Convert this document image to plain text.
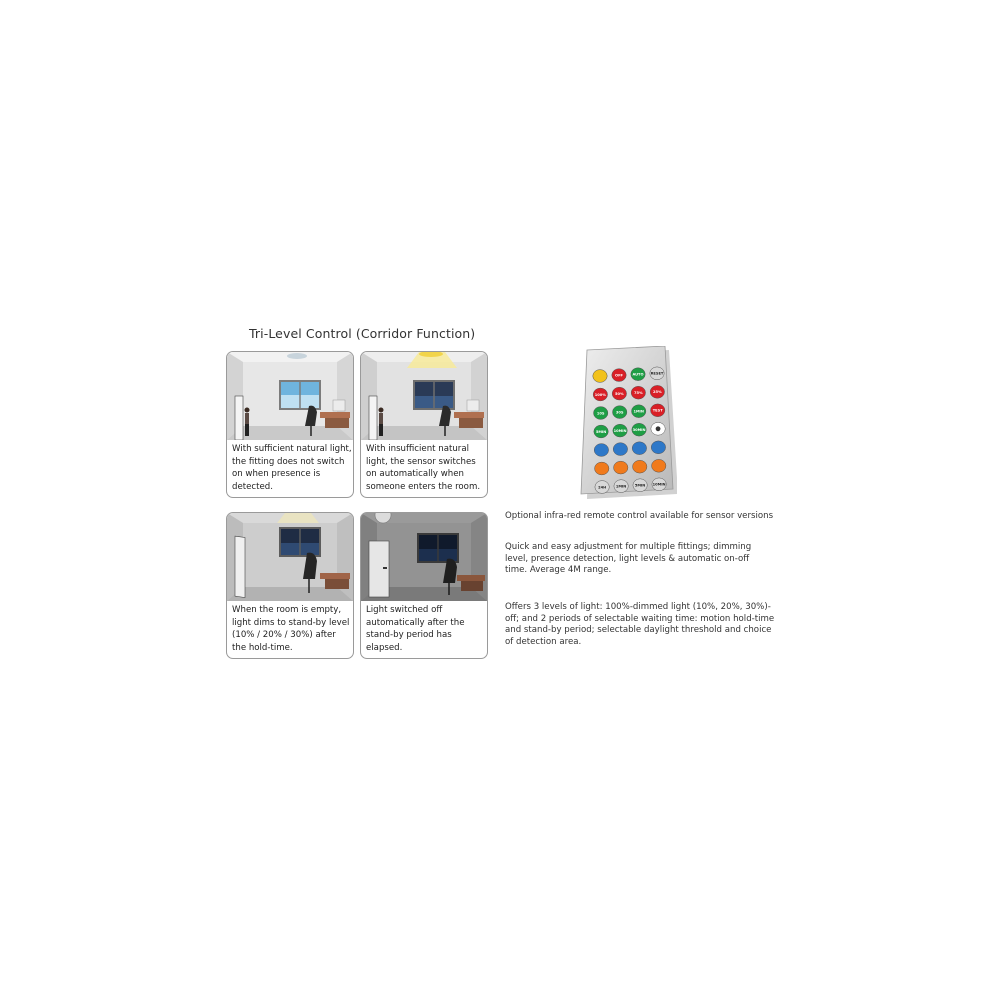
Tri-Level Control (Corridor Function)
With sufficient natural light, the fitting does not switch on when presence is detected.
With insufficient natural light, the sensor switches on automatically when someone enters the room.
When the room is empty, light dims to stand-by level (10% / 20% / 30%) after the hold-time.
Light switched off automatically after the stand-by period has elapsed.
OFF	AUTO RESET
100%	50%	75%	25%
10S	30S	1MIN TEST
5MIN 10MIN 30MIN
24H	1MIN 5MIN 10MIN
Optional infra-red remote control available for sensor versions
Quick and easy adjustment for multiple fittings; dimming level, presence detection, light levels & automatic on-off time. Average 4M range.
Offers 3 levels of light: 100%-dimmed light (10%, 20%, 30%)-off; and 2 periods of selectable waiting time: motion hold-time and stand-by period; selectable daylight threshold and choice of detection area.
